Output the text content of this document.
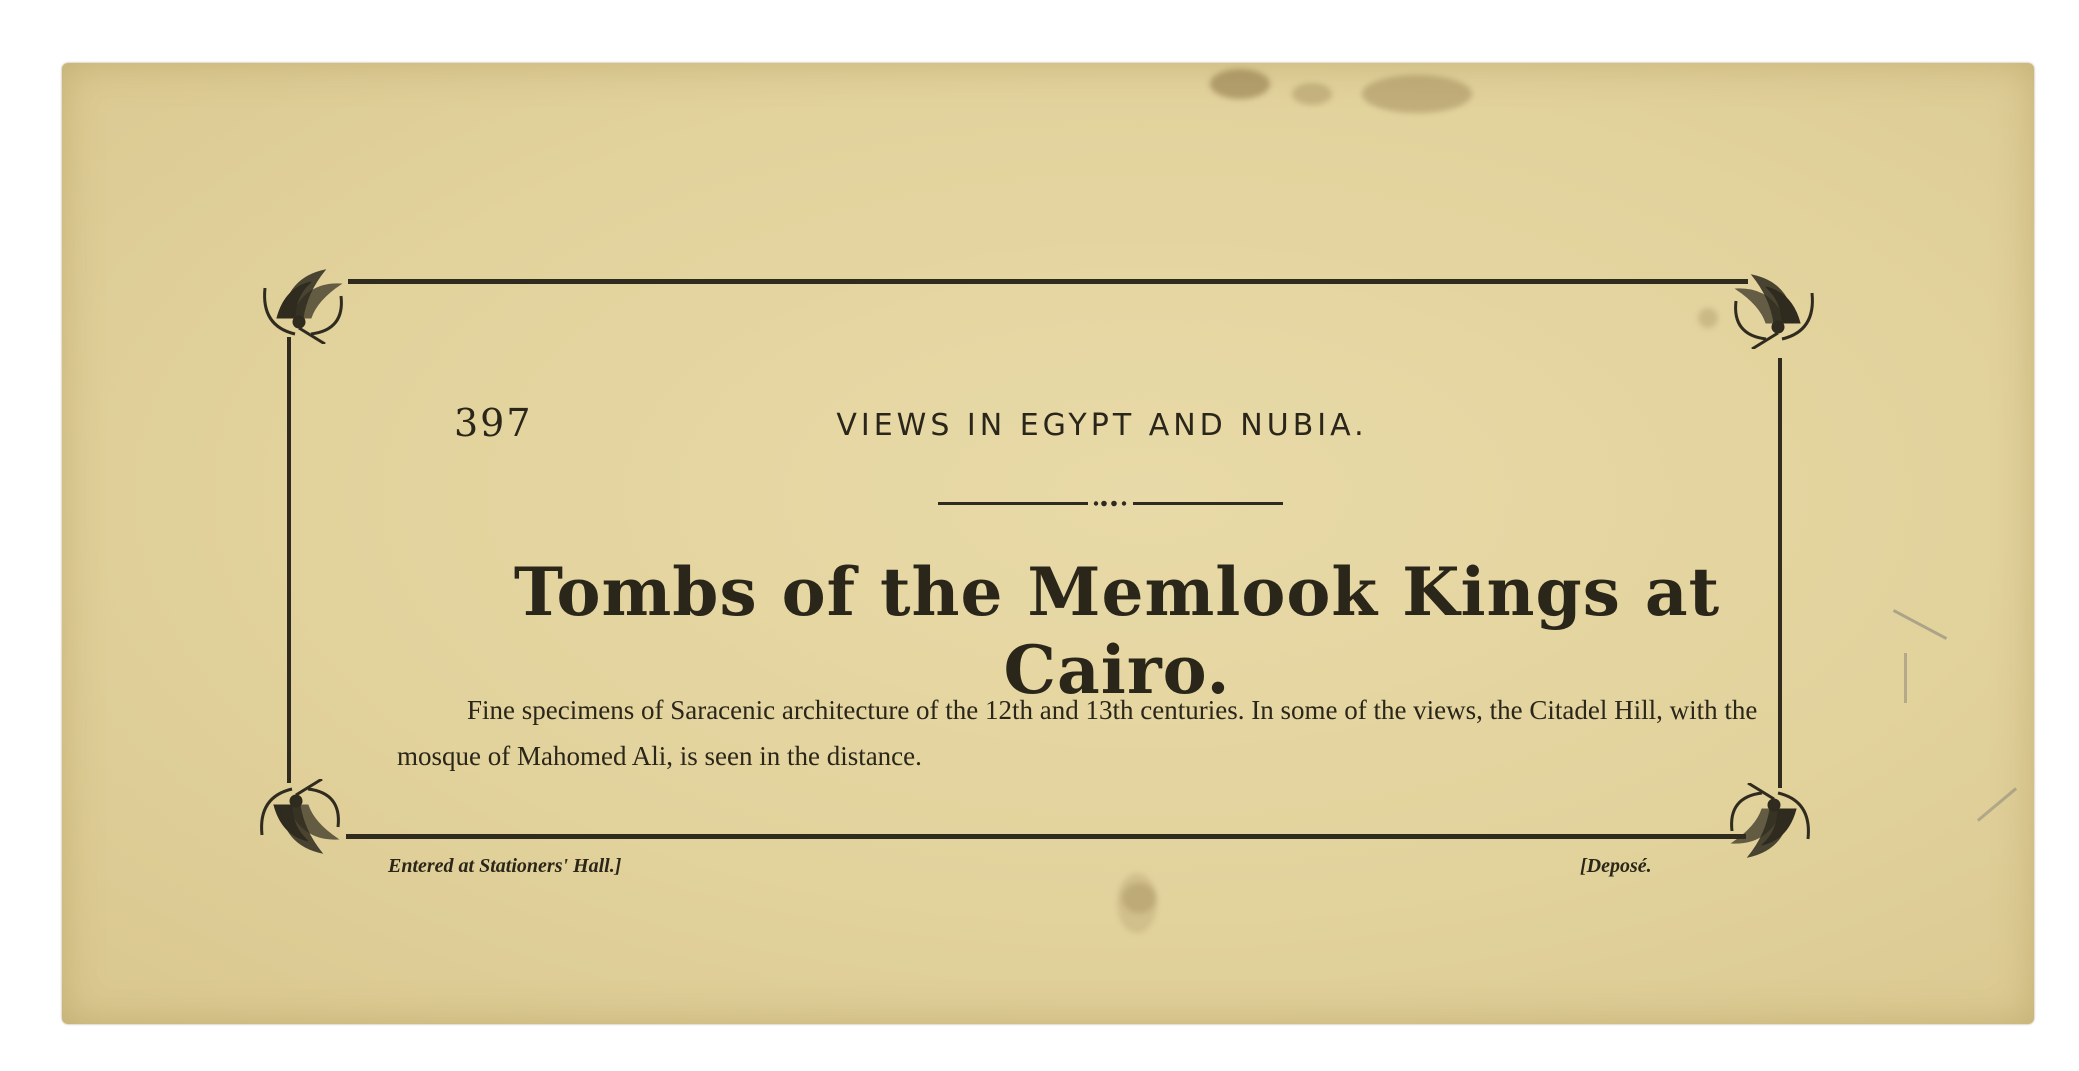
397	VIEWS IN EGYPT AND NUBIA.
Tombs of the Memlook Kings at Cairo.
Fine specimens of Saracenic architecture of the 12th and 13th centuries. In some of the views, the Citadel Hill, with the mosque of Mahomed Ali, is seen in the distance.
Entered at Stationers' Hall.]	[Deposé.
